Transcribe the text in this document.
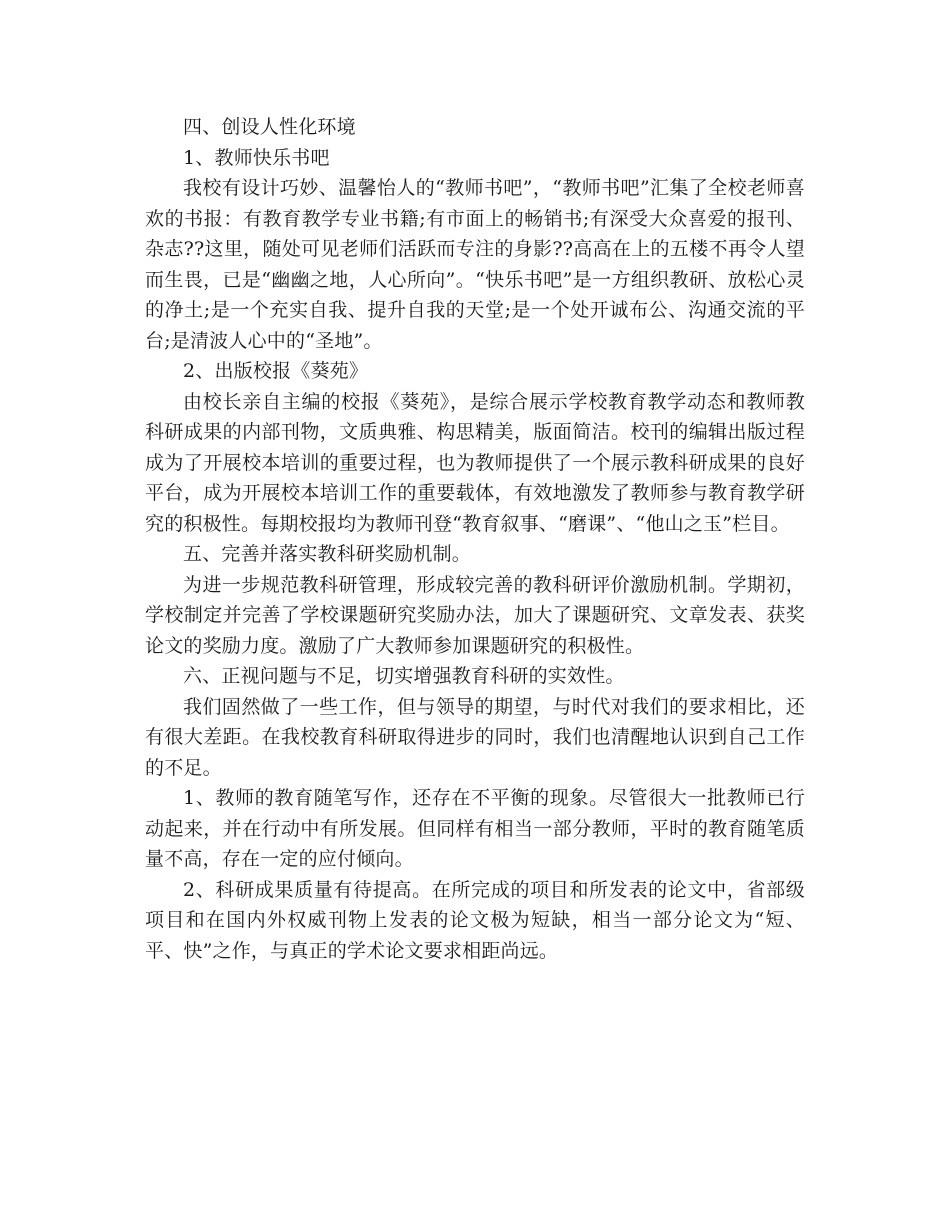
四、创设人性化环境

1、教师快乐书吧

我校有设计巧妙、温馨怡人的“教师书吧”，“教师书吧”汇集了全校老师喜欢的书报：有教育教学专业书籍;有市面上的畅销书;有深受大众喜爱的报刊、杂志??这里，随处可见老师们活跃而专注的身影??高高在上的五楼不再令人望而生畏，已是“幽幽之地，人心所向”。“快乐书吧”是一方组织教研、放松心灵的净土;是一个充实自我、提升自我的天堂;是一个处开诚布公、沟通交流的平台;是清波人心中的“圣地”。

2、出版校报《葵苑》

由校长亲自主编的校报《葵苑》，是综合展示学校教育教学动态和教师教科研成果的内部刊物，文质典雅、构思精美，版面简洁。校刊的编辑出版过程成为了开展校本培训的重要过程，也为教师提供了一个展示教科研成果的良好平台，成为开展校本培训工作的重要载体，有效地激发了教师参与教育教学研究的积极性。每期校报均为教师刊登“教育叙事、“磨课”、“他山之玉”栏目。

五、完善并落实教科研奖励机制。

为进一步规范教科研管理，形成较完善的教科研评价激励机制。学期初，学校制定并完善了学校课题研究奖励办法，加大了课题研究、文章发表、获奖论文的奖励力度。激励了广大教师参加课题研究的积极性。

六、正视问题与不足，切实增强教育科研的实效性。

我们固然做了一些工作，但与领导的期望，与时代对我们的要求相比，还有很大差距。在我校教育科研取得进步的同时，我们也清醒地认识到自己工作的不足。

1、教师的教育随笔写作，还存在不平衡的现象。尽管很大一批教师已行动起来，并在行动中有所发展。但同样有相当一部分教师，平时的教育随笔质量不高，存在一定的应付倾向。

2、科研成果质量有待提高。在所完成的项目和所发表的论文中，省部级项目和在国内外权威刊物上发表的论文极为短缺，相当一部分论文为“短、平、快”之作，与真正的学术论文要求相距尚远。
